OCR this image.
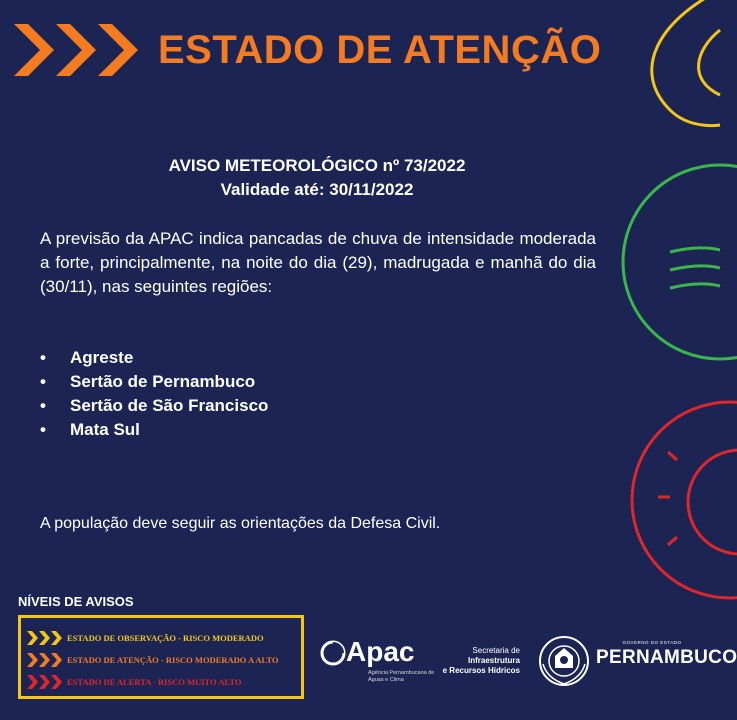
ESTADO DE ATENÇÃO
AVISO METEOROLÓGICO nº 73/2022
Validade até: 30/11/2022
A previsão da APAC indica pancadas de chuva de intensidade moderada a forte, principalmente, na noite do dia (29), madrugada e manhã do dia (30/11), nas seguintes regiões:
•	Agreste
•	Sertão de Pernambuco
•	Sertão de São Francisco
•	Mata Sul
A população deve seguir as orientações da Defesa Civil.
NÍVEIS DE AVISOS
ESTADO DE OBSERVAÇÃO - RISCO MODERADO
ESTADO DE ATENÇÃO - RISCO MODERADO A ALTO
ESTADO DE ALERTA - RISCO MUITO ALTO
Apac
Agência Pernambucana de Águas e Clima
Secretaria de
Infraestrutura
e Recursos Hídricos
GOVERNO DO ESTADO
PERNAMBUCO
